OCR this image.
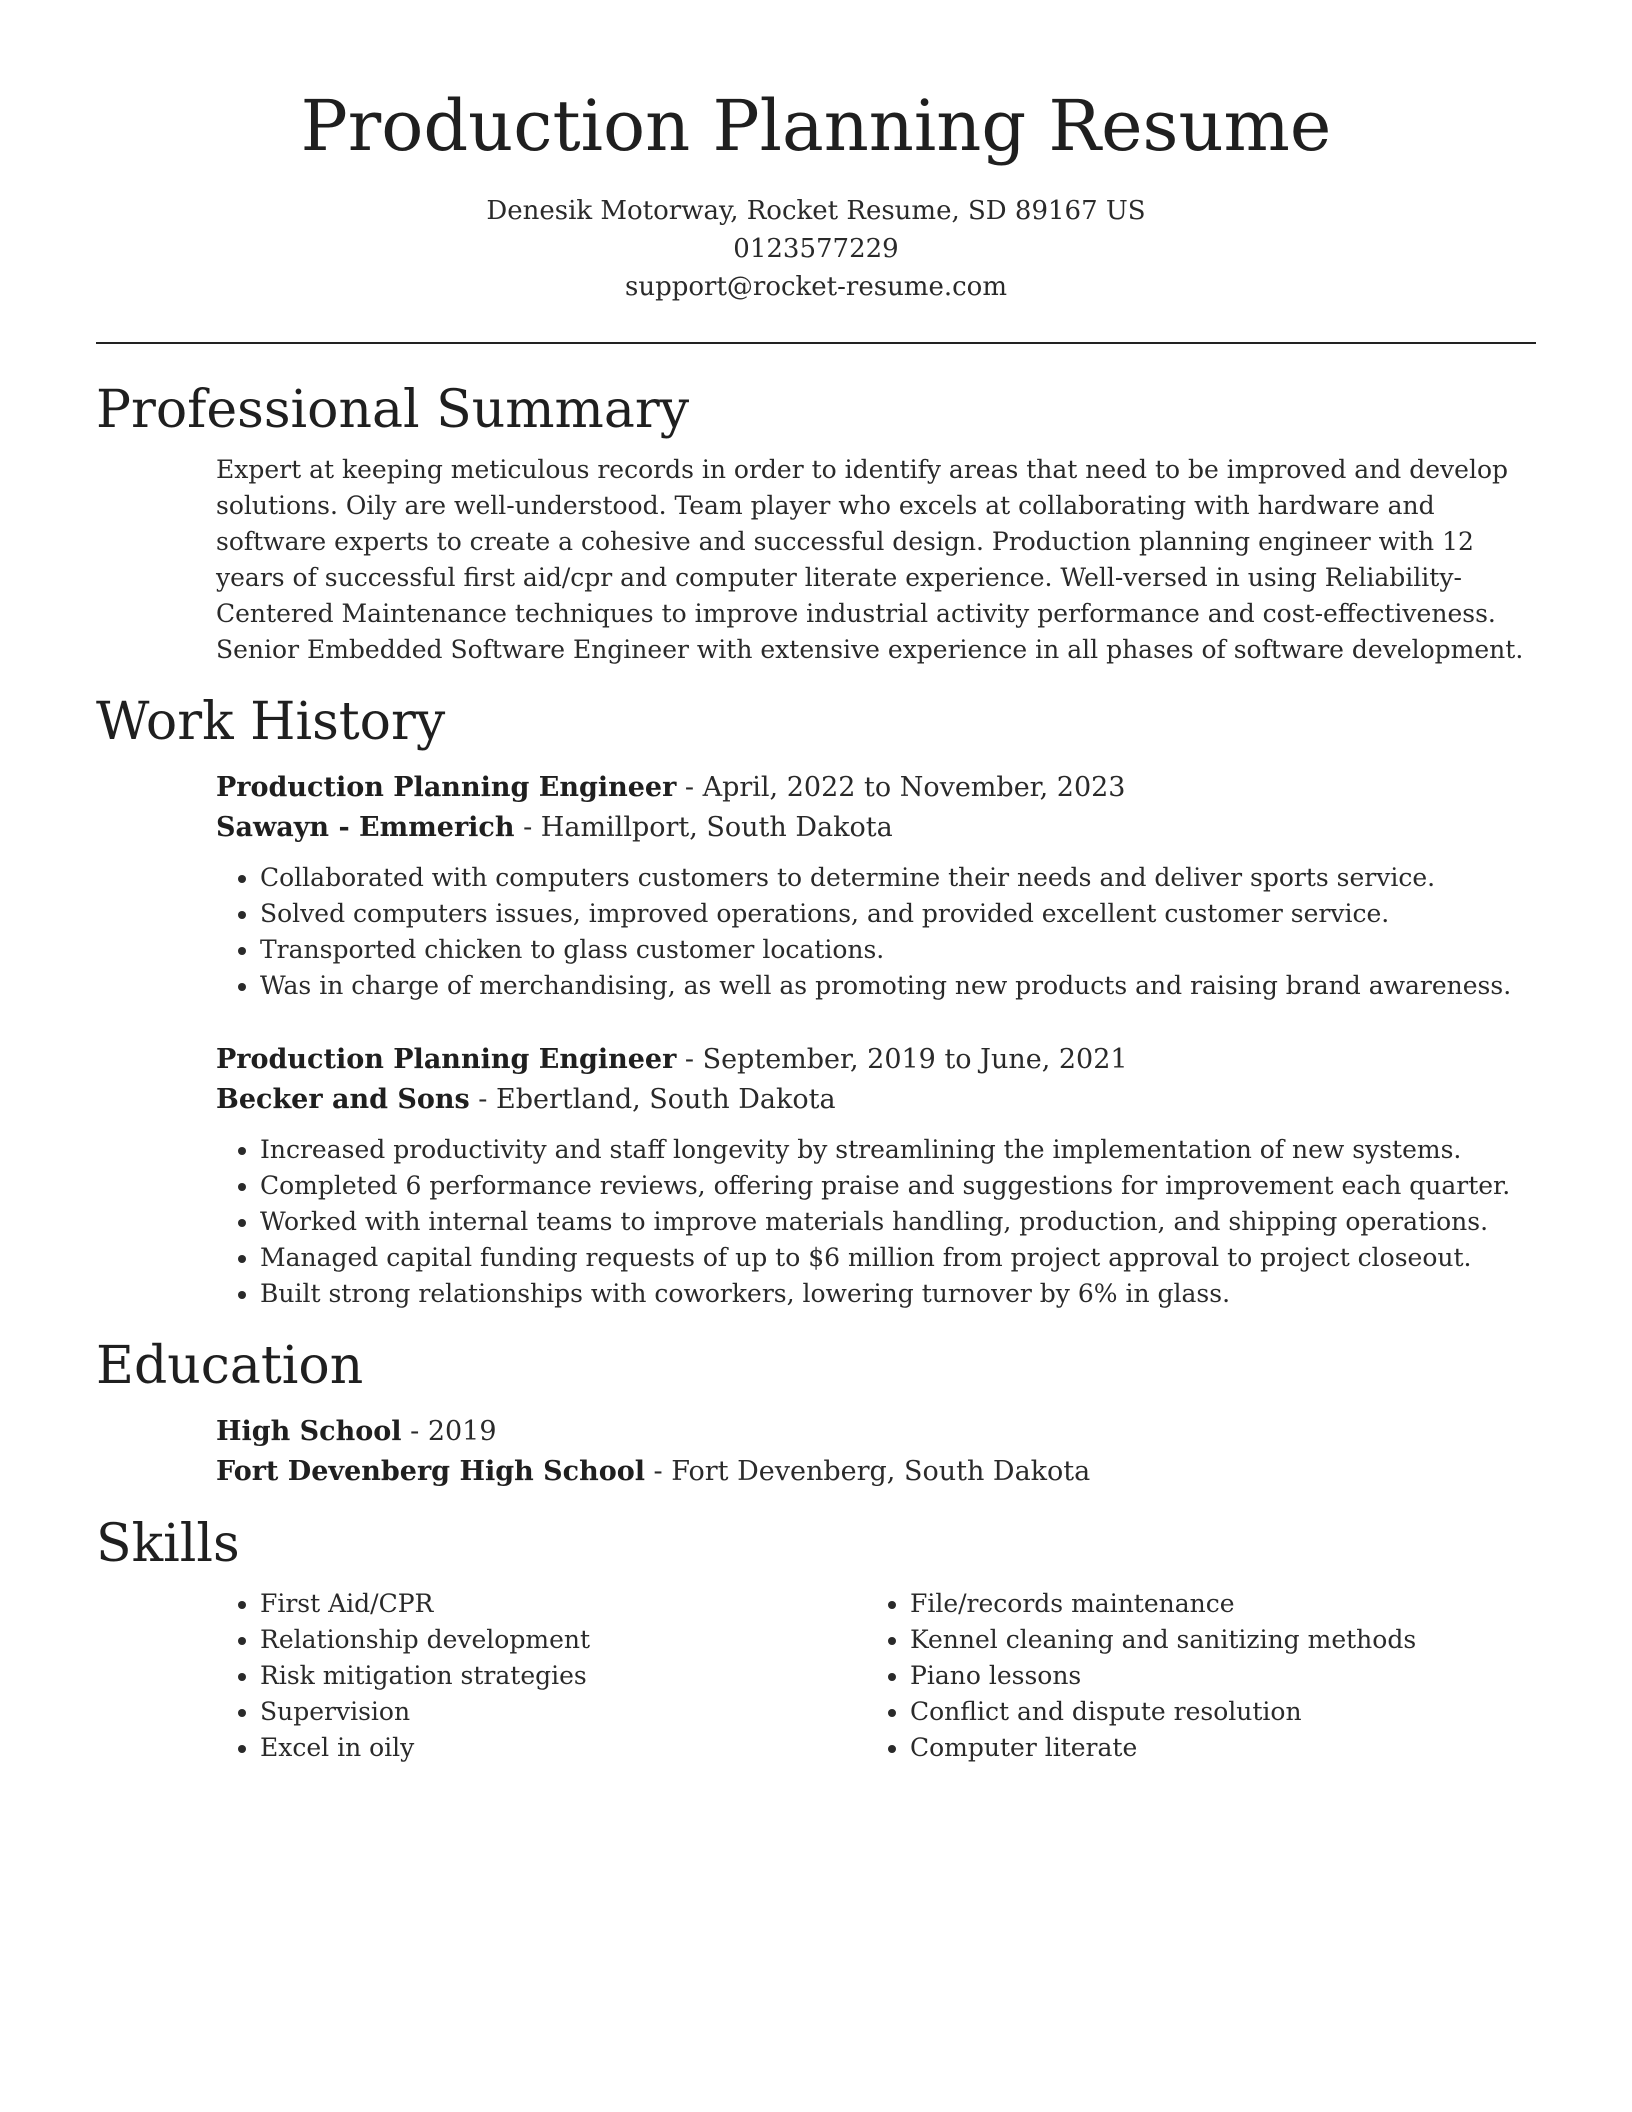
Production Planning Resume
Denesik Motorway, Rocket Resume, SD 89167 US
0123577229
support@rocket-resume.com
Professional Summary

Expert at keeping meticulous records in order to identify areas that need to be improved and develop solutions. Oily are well-understood. Team player who excels at collaborating with hardware and software experts to create a cohesive and successful design. Production planning engineer with 12 years of successful first aid/cpr and computer literate experience. Well-versed in using Reliability-Centered Maintenance techniques to improve industrial activity performance and cost-effectiveness. Senior Embedded Software Engineer with extensive experience in all phases of software development.

Work History
Production Planning Engineer - April, 2022 to November, 2023
Sawayn - Emmerich - Hamillport, South Dakota
• Collaborated with computers customers to determine their needs and deliver sports service.
• Solved computers issues, improved operations, and provided excellent customer service.
• Transported chicken to glass customer locations.
• Was in charge of merchandising, as well as promoting new products and raising brand awareness.
Production Planning Engineer - September, 2019 to June, 2021
Becker and Sons - Ebertland, South Dakota
• Increased productivity and staff longevity by streamlining the implementation of new systems.
• Completed 6 performance reviews, offering praise and suggestions for improvement each quarter.
• Worked with internal teams to improve materials handling, production, and shipping operations.
• Managed capital funding requests of up to $6 million from project approval to project closeout.
• Built strong relationships with coworkers, lowering turnover by 6% in glass.
Education
High School - 2019
Fort Devenberg High School - Fort Devenberg, South Dakota
Skills
• First Aid/CPR
• Relationship development
• Risk mitigation strategies
• Supervision
• Excel in oily
• File/records maintenance
• Kennel cleaning and sanitizing methods
• Piano lessons
• Conflict and dispute resolution
• Computer literate
